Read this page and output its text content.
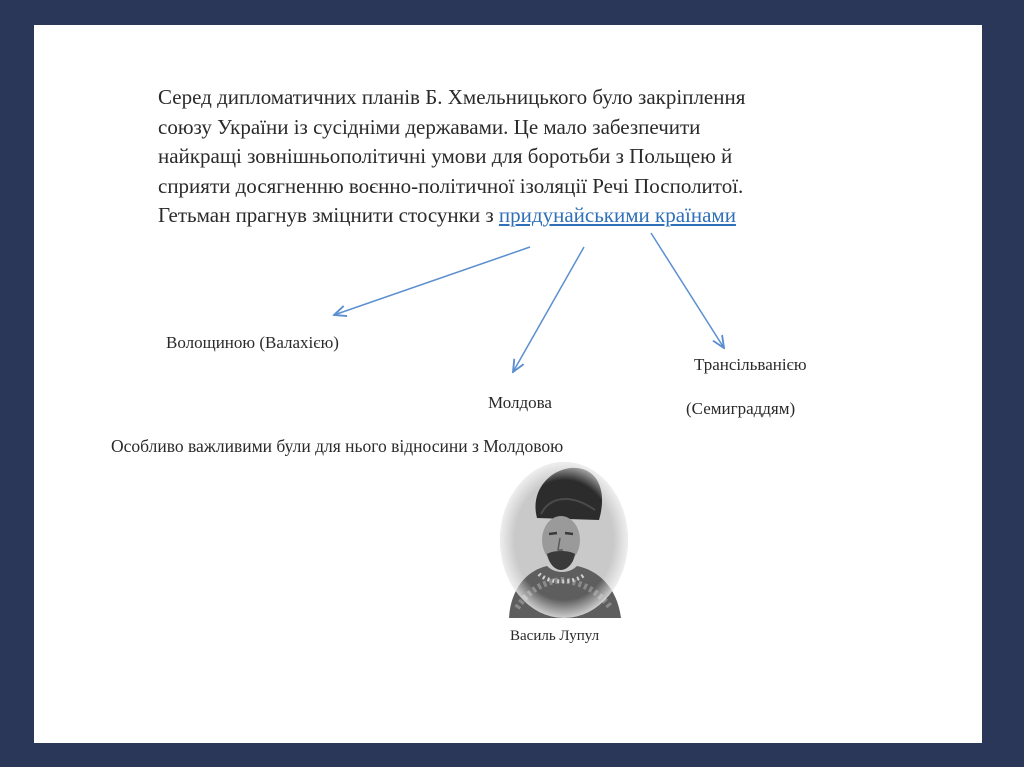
Серед дипломатичних планів Б. Хмельницького було закріплення
союзу України із сусідніми державами. Це мало забезпечити
найкращі зовнішньополітичні умови для боротьби з Польщею й
сприяти досягненню воєнно-політичної ізоляції Речі Посполитої.
Гетьман прагнув зміцнити стосунки з придунайськими країнами

Волощиною (Валахією)
Молдова
Трансільванією
(Семиграддям)
Особливо важливими були для нього відносини з Молдовою
Василь Лупул
